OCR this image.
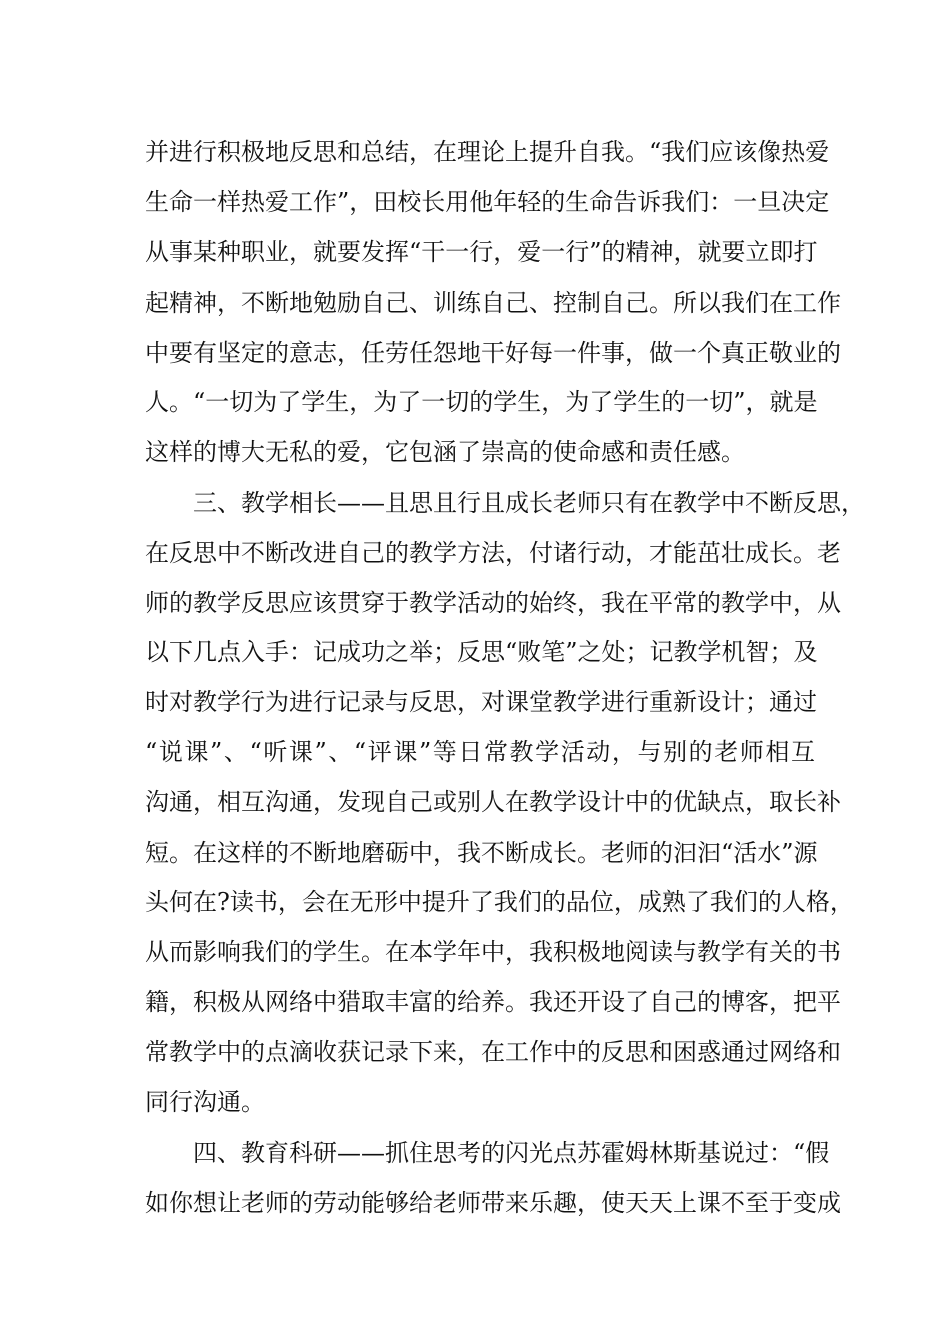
并进行积极地反思和总结，在理论上提升自我。“我们应该像热爱
生命一样热爱工作”，田校长用他年轻的生命告诉我们：一旦决定
从事某种职业，就要发挥“干一行，爱一行”的精神，就要立即打
起精神，不断地勉励自己、训练自己、控制自己。所以我们在工作
中要有坚定的意志，任劳任怨地干好每一件事，做一个真正敬业的
人。“一切为了学生，为了一切的学生，为了学生的一切”，就是
这样的博大无私的爱，它包涵了崇高的使命感和责任感。
三、教学相长——且思且行且成长老师只有在教学中不断反思，
在反思中不断改进自己的教学方法，付诸行动，才能茁壮成长。老
师的教学反思应该贯穿于教学活动的始终，我在平常的教学中，从
以下几点入手：记成功之举；反思“败笔”之处；记教学机智；及
时对教学行为进行记录与反思，对课堂教学进行重新设计；通过
“说课”、“听课”、“评课”等日常教学活动，与别的老师相互
沟通，相互沟通，发现自己或别人在教学设计中的优缺点，取长补
短。在这样的不断地磨砺中，我不断成长。老师的汩汩“活水”源
头何在?读书，会在无形中提升了我们的品位，成熟了我们的人格，
从而影响我们的学生。在本学年中，我积极地阅读与教学有关的书
籍，积极从网络中猎取丰富的给养。我还开设了自己的博客，把平
常教学中的点滴收获记录下来，在工作中的反思和困惑通过网络和
同行沟通。
四、教育科研——抓住思考的闪光点苏霍姆林斯基说过：“假
如你想让老师的劳动能够给老师带来乐趣，使天天上课不至于变成
